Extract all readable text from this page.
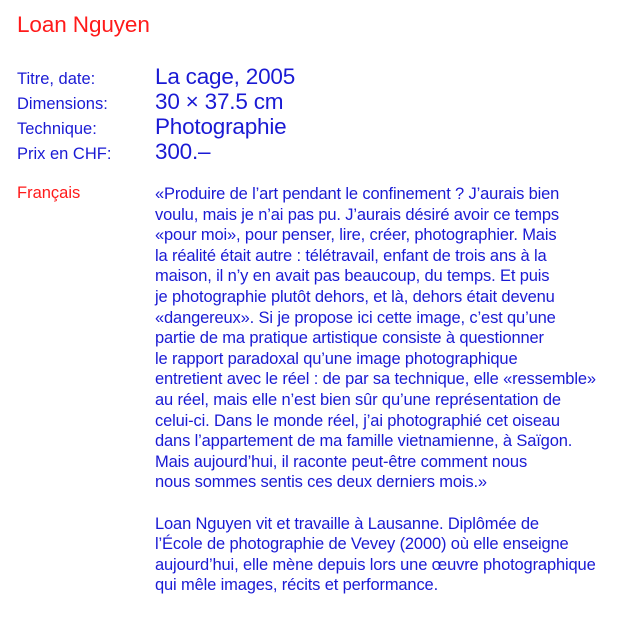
Loan Nguyen
Titre, date:	La cage, 2005
Dimensions:	30 × 37.5 cm
Technique:	Photographie
Prix en CHF:	300.–
Français	«Produire de l’art pendant le confinement ? J’aurais bien
voulu, mais je n’ai pas pu. J’aurais désiré avoir ce temps
«pour moi», pour penser, lire, créer, photographier. Mais
la réalité était autre : télétravail, enfant de trois ans à la
maison, il n’y en avait pas beaucoup, du temps. Et puis
je photographie plutôt dehors, et là, dehors était devenu
«dangereux». Si je propose ici cette image, c’est qu’une
partie de ma pratique artistique consiste à questionner
le rapport paradoxal qu’une image photographique
entretient avec le réel : de par sa technique, elle «ressemble»
au réel, mais elle n’est bien sûr qu’une représentation de
celui-ci. Dans le monde réel, j’ai photographié cet oiseau
dans l’appartement de ma famille vietnamienne, à Saïgon.
Mais aujourd’hui, il raconte peut-être comment nous
nous sommes sentis ces deux derniers mois.»
Loan Nguyen vit et travaille à Lausanne. Diplômée de
l’École de photographie de Vevey (2000) où elle enseigne
aujourd’hui, elle mène depuis lors une œuvre photographique
qui mêle images, récits et performance.
